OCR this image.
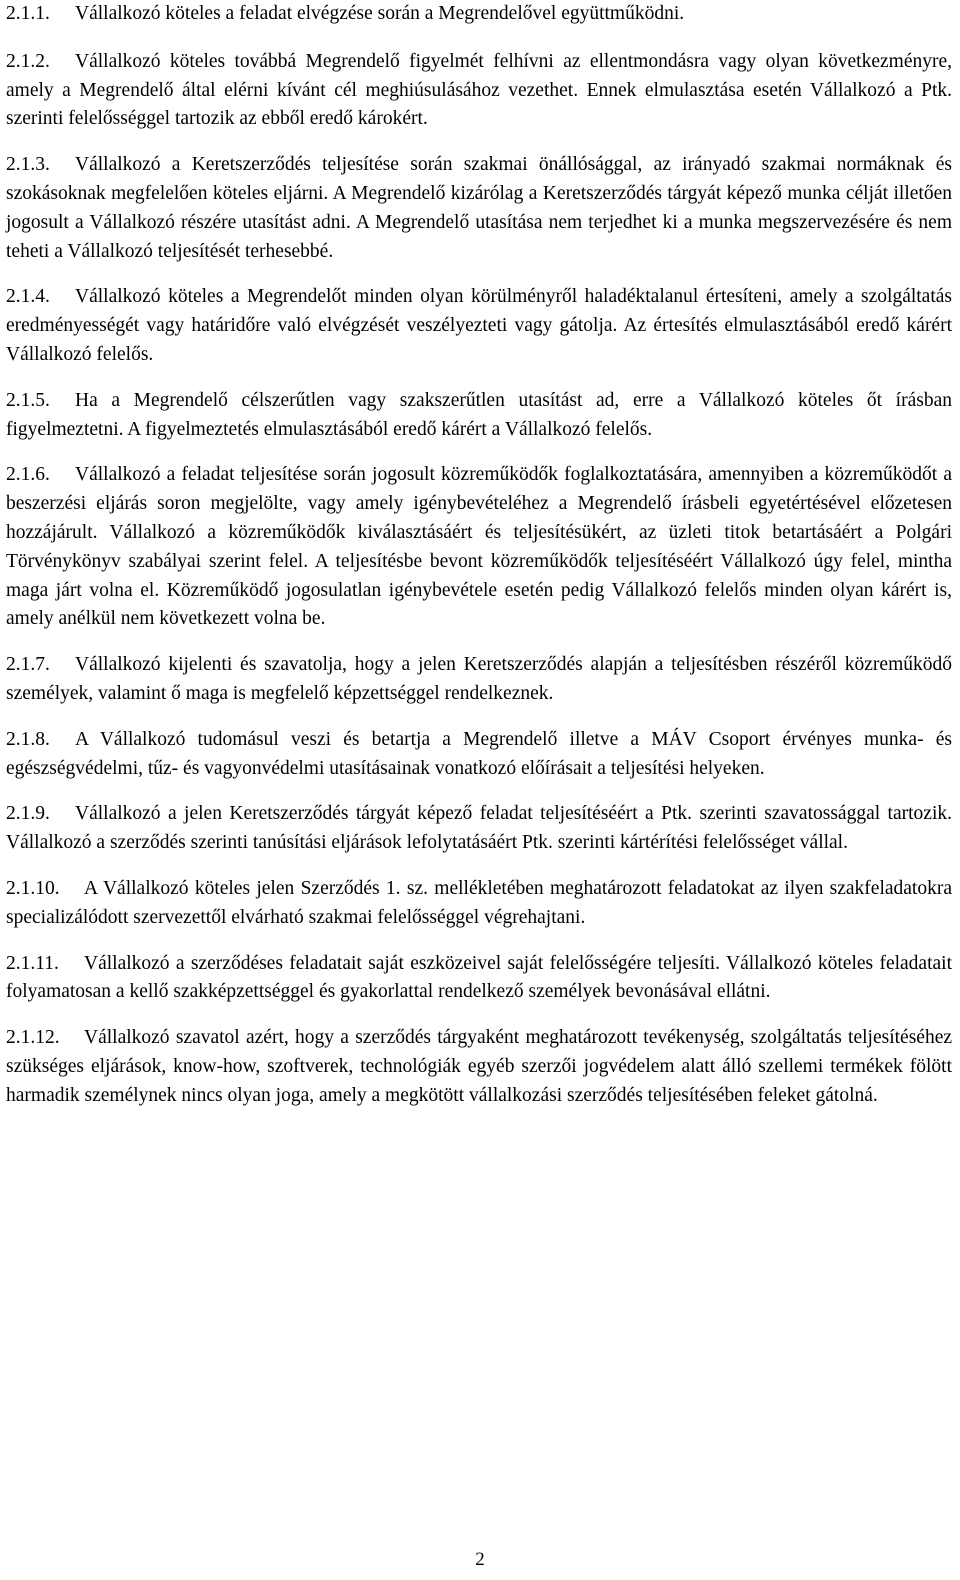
2.1.1. Vállalkozó köteles a feladat elvégzése során a Megrendelővel együttműködni.

2.1.2. Vállalkozó köteles továbbá Megrendelő figyelmét felhívni az ellentmondásra vagy olyan következményre, amely a Megrendelő által elérni kívánt cél meghiúsulásához vezethet. Ennek elmulasztása esetén Vállalkozó a Ptk. szerinti felelősséggel tartozik az ebből eredő károkért.

2.1.3. Vállalkozó a Keretszerződés teljesítése során szakmai önállósággal, az irányadó szakmai normáknak és szokásoknak megfelelően köteles eljárni. A Megrendelő kizárólag a Keretszerződés tárgyát képező munka célját illetően jogosult a Vállalkozó részére utasítást adni. A Megrendelő utasítása nem terjedhet ki a munka megszervezésére és nem teheti a Vállalkozó teljesítését terhesebbé.

2.1.4. Vállalkozó köteles a Megrendelőt minden olyan körülményről haladéktalanul értesíteni, amely a szolgáltatás eredményességét vagy határidőre való elvégzését veszélyezteti vagy gátolja. Az értesítés elmulasztásából eredő kárért Vállalkozó felelős.

2.1.5. Ha a Megrendelő célszerűtlen vagy szakszerűtlen utasítást ad, erre a Vállalkozó köteles őt írásban figyelmeztetni. A figyelmeztetés elmulasztásából eredő kárért a Vállalkozó felelős.

2.1.6. Vállalkozó a feladat teljesítése során jogosult közreműködők foglalkoztatására, amennyiben a közreműködőt a beszerzési eljárás soron megjelölte, vagy amely igénybevételéhez a Megrendelő írásbeli egyetértésével előzetesen hozzájárult. Vállalkozó a közreműködők kiválasztásáért és teljesítésükért, az üzleti titok betartásáért a Polgári Törvénykönyv szabályai szerint felel. A teljesítésbe bevont közreműködők teljesítéséért Vállalkozó úgy felel, mintha maga járt volna el. Közreműködő jogosulatlan igénybevétele esetén pedig Vállalkozó felelős minden olyan kárért is, amely anélkül nem következett volna be.

2.1.7. Vállalkozó kijelenti és szavatolja, hogy a jelen Keretszerződés alapján a teljesítésben részéről közreműködő személyek, valamint ő maga is megfelelő képzettséggel rendelkeznek.

2.1.8. A Vállalkozó tudomásul veszi és betartja a Megrendelő illetve a MÁV Csoport érvényes munka- és egészségvédelmi, tűz- és vagyonvédelmi utasításainak vonatkozó előírásait a teljesítési helyeken.

2.1.9. Vállalkozó a jelen Keretszerződés tárgyát képező feladat teljesítéséért a Ptk. szerinti szavatossággal tartozik. Vállalkozó a szerződés szerinti tanúsítási eljárások lefolytatásáért Ptk. szerinti kártérítési felelősséget vállal.

2.1.10. A Vállalkozó köteles jelen Szerződés 1. sz. mellékletében meghatározott feladatokat az ilyen szakfeladatokra specializálódott szervezettől elvárható szakmai felelősséggel végrehajtani.

2.1.11. Vállalkozó a szerződéses feladatait saját eszközeivel saját felelősségére teljesíti. Vállalkozó köteles feladatait folyamatosan a kellő szakképzettséggel és gyakorlattal rendelkező személyek bevonásával ellátni.

2.1.12. Vállalkozó szavatol azért, hogy a szerződés tárgyaként meghatározott tevékenység, szolgáltatás teljesítéséhez szükséges eljárások, know-how, szoftverek, technológiák egyéb szerzői jogvédelem alatt álló szellemi termékek fölött harmadik személynek nincs olyan joga, amely a megkötött vállalkozási szerződés teljesítésében feleket gátolná.

2
